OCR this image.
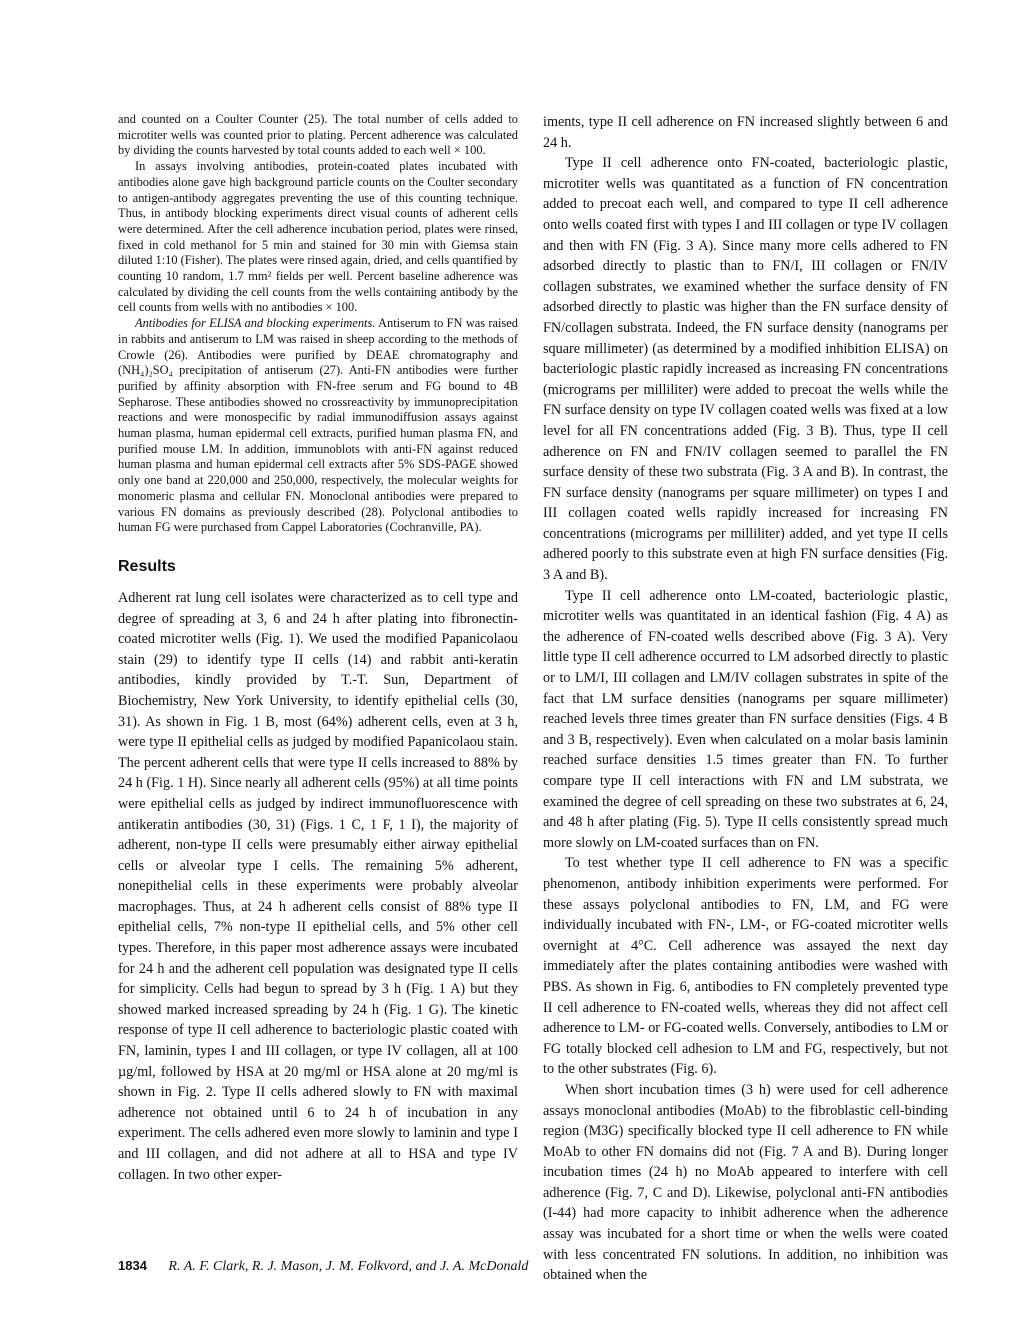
and counted on a Coulter Counter (25). The total number of cells added to microtiter wells was counted prior to plating. Percent adherence was calculated by dividing the counts harvested by total counts added to each well × 100.

In assays involving antibodies, protein-coated plates incubated with antibodies alone gave high background particle counts on the Coulter secondary to antigen-antibody aggregates preventing the use of this counting technique. Thus, in antibody blocking experiments direct visual counts of adherent cells were determined. After the cell adherence incubation period, plates were rinsed, fixed in cold methanol for 5 min and stained for 30 min with Giemsa stain diluted 1:10 (Fisher). The plates were rinsed again, dried, and cells quantified by counting 10 random, 1.7 mm² fields per well. Percent baseline adherence was calculated by dividing the cell counts from the wells containing antibody by the cell counts from wells with no antibodies × 100.

Antibodies for ELISA and blocking experiments. Antiserum to FN was raised in rabbits and antiserum to LM was raised in sheep according to the methods of Crowle (26). Antibodies were purified by DEAE chromatography and (NH₄)₂SO₄ precipitation of antiserum (27). Anti-FN antibodies were further purified by affinity absorption with FN-free serum and FG bound to 4B Sepharose. These antibodies showed no crossreactivity by immunoprecipitation reactions and were monospecific by radial immunodiffusion assays against human plasma, human epidermal cell extracts, purified human plasma FN, and purified mouse LM. In addition, immunoblots with anti-FN against reduced human plasma and human epidermal cell extracts after 5% SDS-PAGE showed only one band at 220,000 and 250,000, respectively, the molecular weights for monomeric plasma and cellular FN. Monoclonal antibodies were prepared to various FN domains as previously described (28). Polyclonal antibodies to human FG were purchased from Cappel Laboratories (Cochranville, PA).

Results

Adherent rat lung cell isolates were characterized as to cell type and degree of spreading at 3, 6 and 24 h after plating into fibronectin-coated microtiter wells (Fig. 1). We used the modified Papanicolaou stain (29) to identify type II cells (14) and rabbit anti-keratin antibodies, kindly provided by T.-T. Sun, Department of Biochemistry, New York University, to identify epithelial cells (30, 31). As shown in Fig. 1 B, most (64%) adherent cells, even at 3 h, were type II epithelial cells as judged by modified Papanicolaou stain. The percent adherent cells that were type II cells increased to 88% by 24 h (Fig. 1 H). Since nearly all adherent cells (95%) at all time points were epithelial cells as judged by indirect immunofluorescence with antikeratin antibodies (30, 31) (Figs. 1 C, 1 F, 1 I), the majority of adherent, non-type II cells were presumably either airway epithelial cells or alveolar type I cells. The remaining 5% adherent, nonepithelial cells in these experiments were probably alveolar macrophages. Thus, at 24 h adherent cells consist of 88% type II epithelial cells, 7% non-type II epithelial cells, and 5% other cell types. Therefore, in this paper most adherence assays were incubated for 24 h and the adherent cell population was designated type II cells for simplicity. Cells had begun to spread by 3 h (Fig. 1 A) but they showed marked increased spreading by 24 h (Fig. 1 G). The kinetic response of type II cell adherence to bacteriologic plastic coated with FN, laminin, types I and III collagen, or type IV collagen, all at 100 µg/ml, followed by HSA at 20 mg/ml or HSA alone at 20 mg/ml is shown in Fig. 2. Type II cells adhered slowly to FN with maximal adherence not obtained until 6 to 24 h of incubation in any experiment. The cells adhered even more slowly to laminin and type I and III collagen, and did not adhere at all to HSA and type IV collagen. In two other exper-

iments, type II cell adherence on FN increased slightly between 6 and 24 h.

Type II cell adherence onto FN-coated, bacteriologic plastic, microtiter wells was quantitated as a function of FN concentration added to precoat each well, and compared to type II cell adherence onto wells coated first with types I and III collagen or type IV collagen and then with FN (Fig. 3 A). Since many more cells adhered to FN adsorbed directly to plastic than to FN/I, III collagen or FN/IV collagen substrates, we examined whether the surface density of FN adsorbed directly to plastic was higher than the FN surface density of FN/collagen substrata. Indeed, the FN surface density (nanograms per square millimeter) (as determined by a modified inhibition ELISA) on bacteriologic plastic rapidly increased as increasing FN concentrations (micrograms per milliliter) were added to precoat the wells while the FN surface density on type IV collagen coated wells was fixed at a low level for all FN concentrations added (Fig. 3 B). Thus, type II cell adherence on FN and FN/IV collagen seemed to parallel the FN surface density of these two substrata (Fig. 3 A and B). In contrast, the FN surface density (nanograms per square millimeter) on types I and III collagen coated wells rapidly increased for increasing FN concentrations (micrograms per milliliter) added, and yet type II cells adhered poorly to this substrate even at high FN surface densities (Fig. 3 A and B).

Type II cell adherence onto LM-coated, bacteriologic plastic, microtiter wells was quantitated in an identical fashion (Fig. 4 A) as the adherence of FN-coated wells described above (Fig. 3 A). Very little type II cell adherence occurred to LM adsorbed directly to plastic or to LM/I, III collagen and LM/IV collagen substrates in spite of the fact that LM surface densities (nanograms per square millimeter) reached levels three times greater than FN surface densities (Figs. 4 B and 3 B, respectively). Even when calculated on a molar basis laminin reached surface densities 1.5 times greater than FN. To further compare type II cell interactions with FN and LM substrata, we examined the degree of cell spreading on these two substrates at 6, 24, and 48 h after plating (Fig. 5). Type II cells consistently spread much more slowly on LM-coated surfaces than on FN.

To test whether type II cell adherence to FN was a specific phenomenon, antibody inhibition experiments were performed. For these assays polyclonal antibodies to FN, LM, and FG were individually incubated with FN-, LM-, or FG-coated microtiter wells overnight at 4°C. Cell adherence was assayed the next day immediately after the plates containing antibodies were washed with PBS. As shown in Fig. 6, antibodies to FN completely prevented type II cell adherence to FN-coated wells, whereas they did not affect cell adherence to LM- or FG-coated wells. Conversely, antibodies to LM or FG totally blocked cell adhesion to LM and FG, respectively, but not to the other substrates (Fig. 6).

When short incubation times (3 h) were used for cell adherence assays monoclonal antibodies (MoAb) to the fibroblastic cell-binding region (M3G) specifically blocked type II cell adherence to FN while MoAb to other FN domains did not (Fig. 7 A and B). During longer incubation times (24 h) no MoAb appeared to interfere with cell adherence (Fig. 7, C and D). Likewise, polyclonal anti-FN antibodies (I-44) had more capacity to inhibit adherence when the adherence assay was incubated for a short time or when the wells were coated with less concentrated FN solutions. In addition, no inhibition was obtained when the

1834 R. A. F. Clark, R. J. Mason, J. M. Folkvord, and J. A. McDonald
